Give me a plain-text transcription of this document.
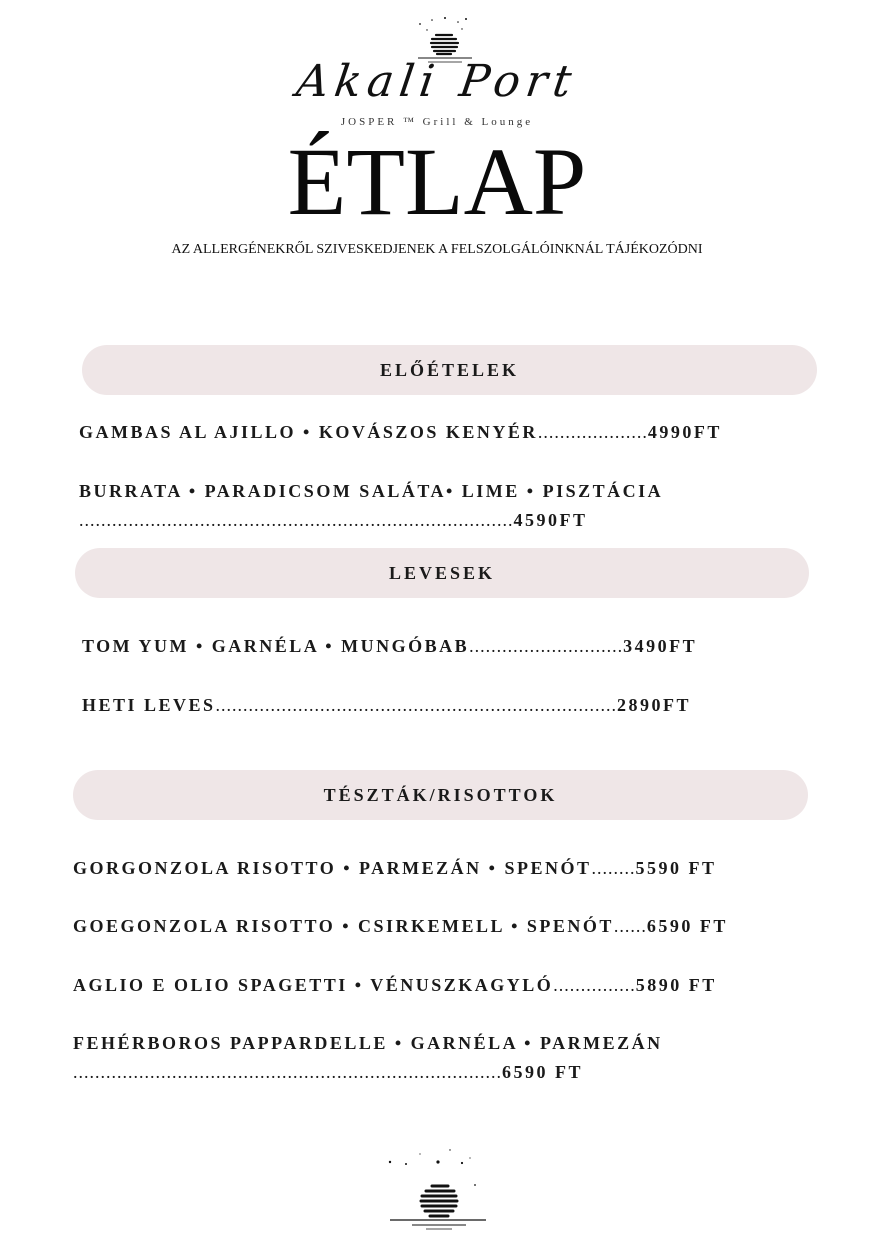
Akali Port
JOSPER ™ Grill & Lounge
ÉTLAP
AZ ALLERGÉNEKRŐL SZIVESKEDJENEK A FELSZOLGÁLÓINKNÁL TÁJÉKOZÓDNI
ELŐÉTELEK
GAMBAS AL AJILLO • KOVÁSZOS KENYÉR....................4990FT
BURRATA • PARADICSOM SALÁTA• LIME • PISZTÁCIA
...............................................................................4590FT
LEVESEK
TOM YUM • GARNÉLA • MUNGÓBAB............................3490FT
HETI LEVES.........................................................................2890FT
TÉSZTÁK/RISOTTOK
GORGONZOLA RISOTTO • PARMEZÁN • SPENÓT........5590 FT
GOEGONZOLA RISOTTO • CSIRKEMELL • SPENÓT......6590 FT
AGLIO E OLIO SPAGETTI • VÉNUSZKAGYLÓ...............5890 FT
FEHÉRBOROS PAPPARDELLE • GARNÉLA • PARMEZÁN
..............................................................................6590 FT
